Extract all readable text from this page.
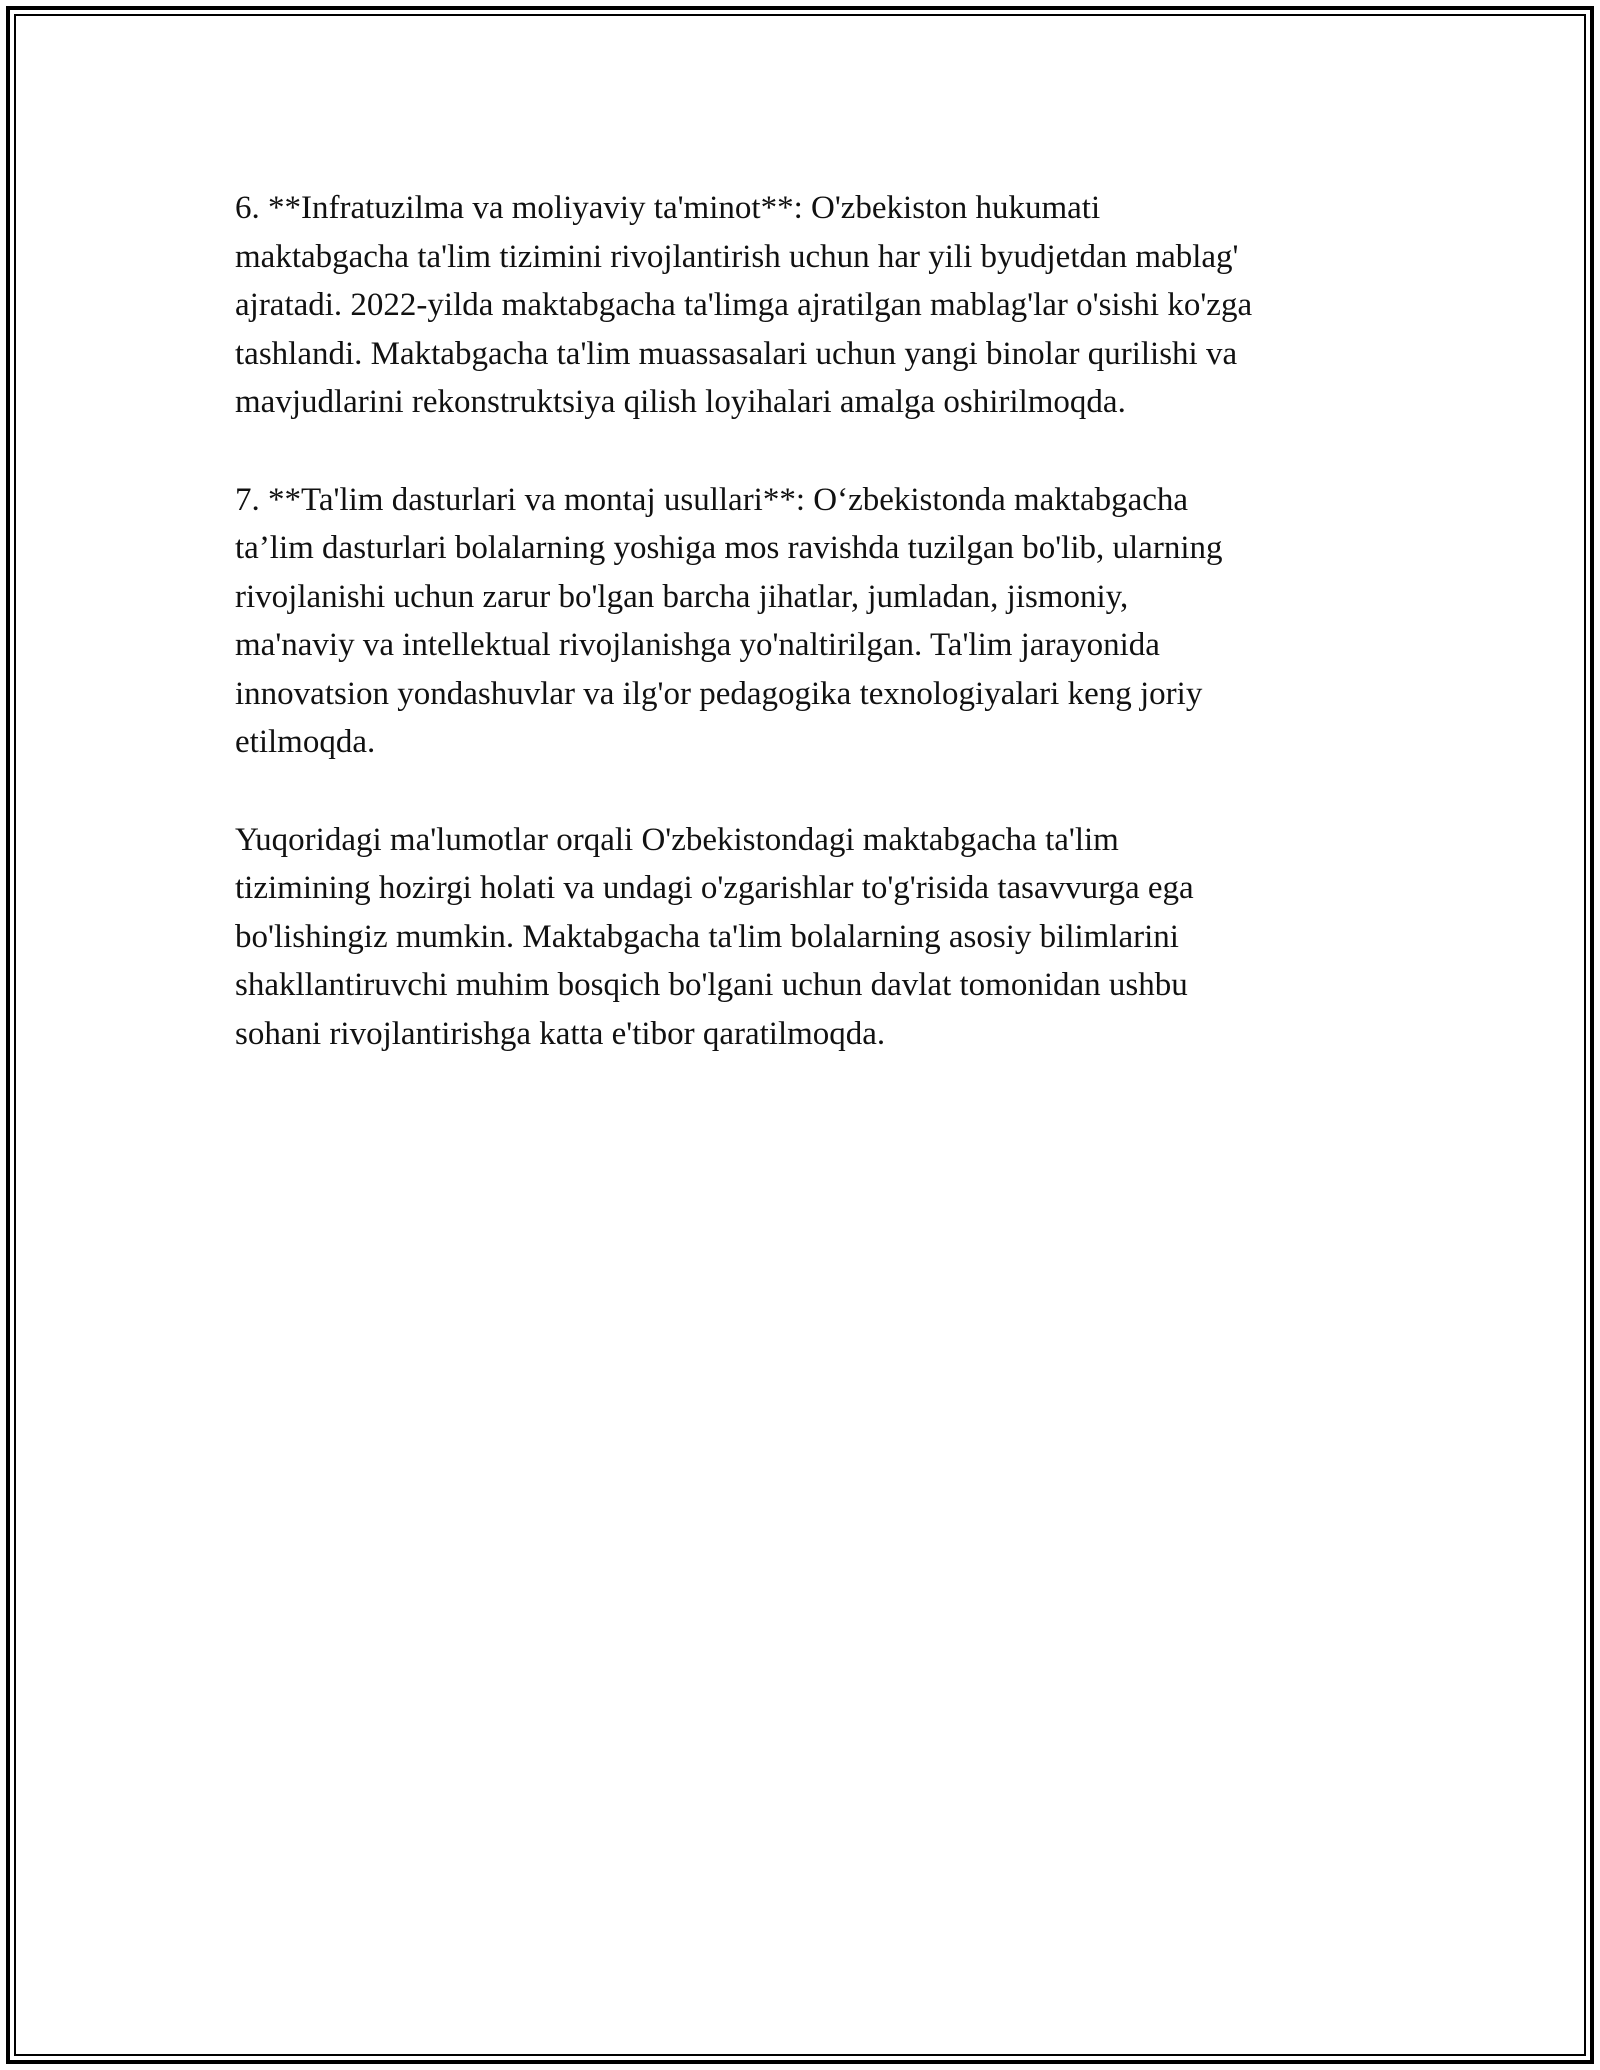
6. **Infratuzilma va moliyaviy ta'minot**: O'zbekiston hukumati
maktabgacha ta'lim tizimini rivojlantirish uchun har yili byudjetdan mablag'
ajratadi. 2022-yilda maktabgacha ta'limga ajratilgan mablag'lar o'sishi ko'zga
tashlandi. Maktabgacha ta'lim muassasalari uchun yangi binolar qurilishi va
mavjudlarini rekonstruktsiya qilish loyihalari amalga oshirilmoqda.

7. **Ta'lim dasturlari va montaj usullari**: O‘zbekistonda maktabgacha
ta’lim dasturlari bolalarning yoshiga mos ravishda tuzilgan bo'lib, ularning
rivojlanishi uchun zarur bo'lgan barcha jihatlar, jumladan, jismoniy,
ma'naviy va intellektual rivojlanishga yo'naltirilgan. Ta'lim jarayonida
innovatsion yondashuvlar va ilg'or pedagogika texnologiyalari keng joriy
etilmoqda.

Yuqoridagi ma'lumotlar orqali O'zbekistondagi maktabgacha ta'lim
tizimining hozirgi holati va undagi o'zgarishlar to'g'risida tasavvurga ega
bo'lishingiz mumkin. Maktabgacha ta'lim bolalarning asosiy bilimlarini
shakllantiruvchi muhim bosqich bo'lgani uchun davlat tomonidan ushbu
sohani rivojlantirishga katta e'tibor qaratilmoqda.
